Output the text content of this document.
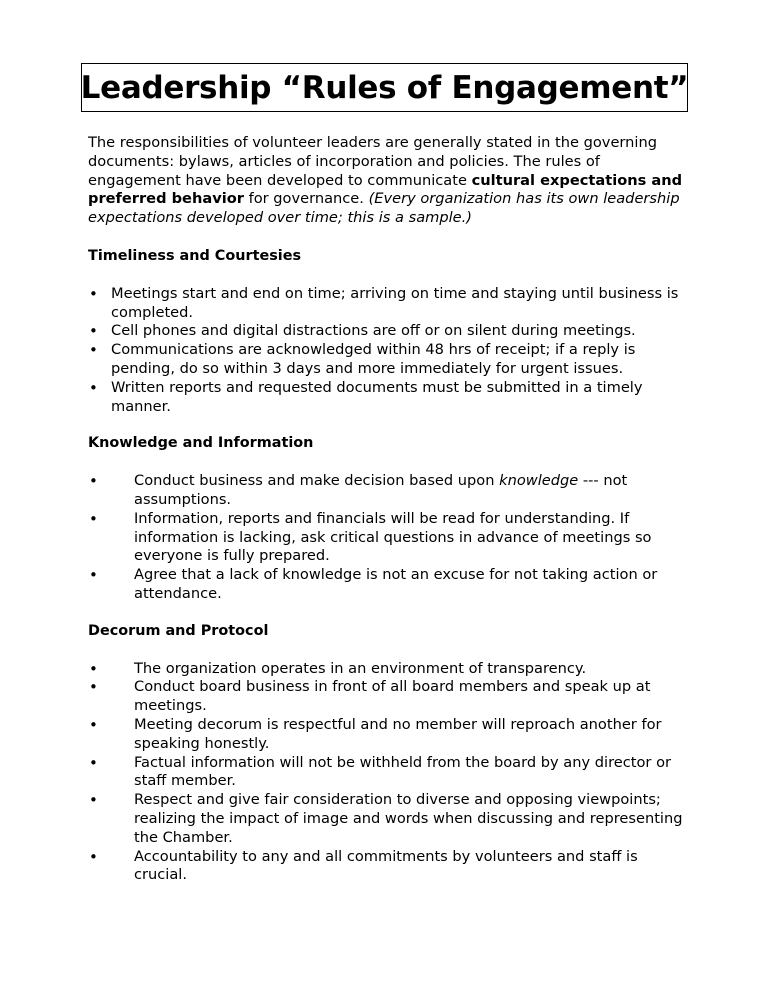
Leadership “Rules of Engagement”

The responsibilities of volunteer leaders are generally stated in the governing documents: bylaws, articles of incorporation and policies. The rules of engagement have been developed to communicate cultural expectations and preferred behavior for governance. (Every organization has its own leadership expectations developed over time; this is a sample.)

Timeliness and Courtesies
• Meetings start and end on time; arriving on time and staying until business is completed.
• Cell phones and digital distractions are off or on silent during meetings.
• Communications are acknowledged within 48 hrs of receipt; if a reply is pending, do so within 3 days and more immediately for urgent issues.
• Written reports and requested documents must be submitted in a timely manner.
Knowledge and Information
• Conduct business and make decision based upon knowledge --- not assumptions.
• Information, reports and financials will be read for understanding. If information is lacking, ask critical questions in advance of meetings so everyone is fully prepared.
• Agree that a lack of knowledge is not an excuse for not taking action or attendance.
Decorum and Protocol
• The organization operates in an environment of transparency.
• Conduct board business in front of all board members and speak up at meetings.
• Meeting decorum is respectful and no member will reproach another for speaking honestly.
• Factual information will not be withheld from the board by any director or staff member.
• Respect and give fair consideration to diverse and opposing viewpoints; realizing the impact of image and words when discussing and representing the Chamber.
• Accountability to any and all commitments by volunteers and staff is crucial.
